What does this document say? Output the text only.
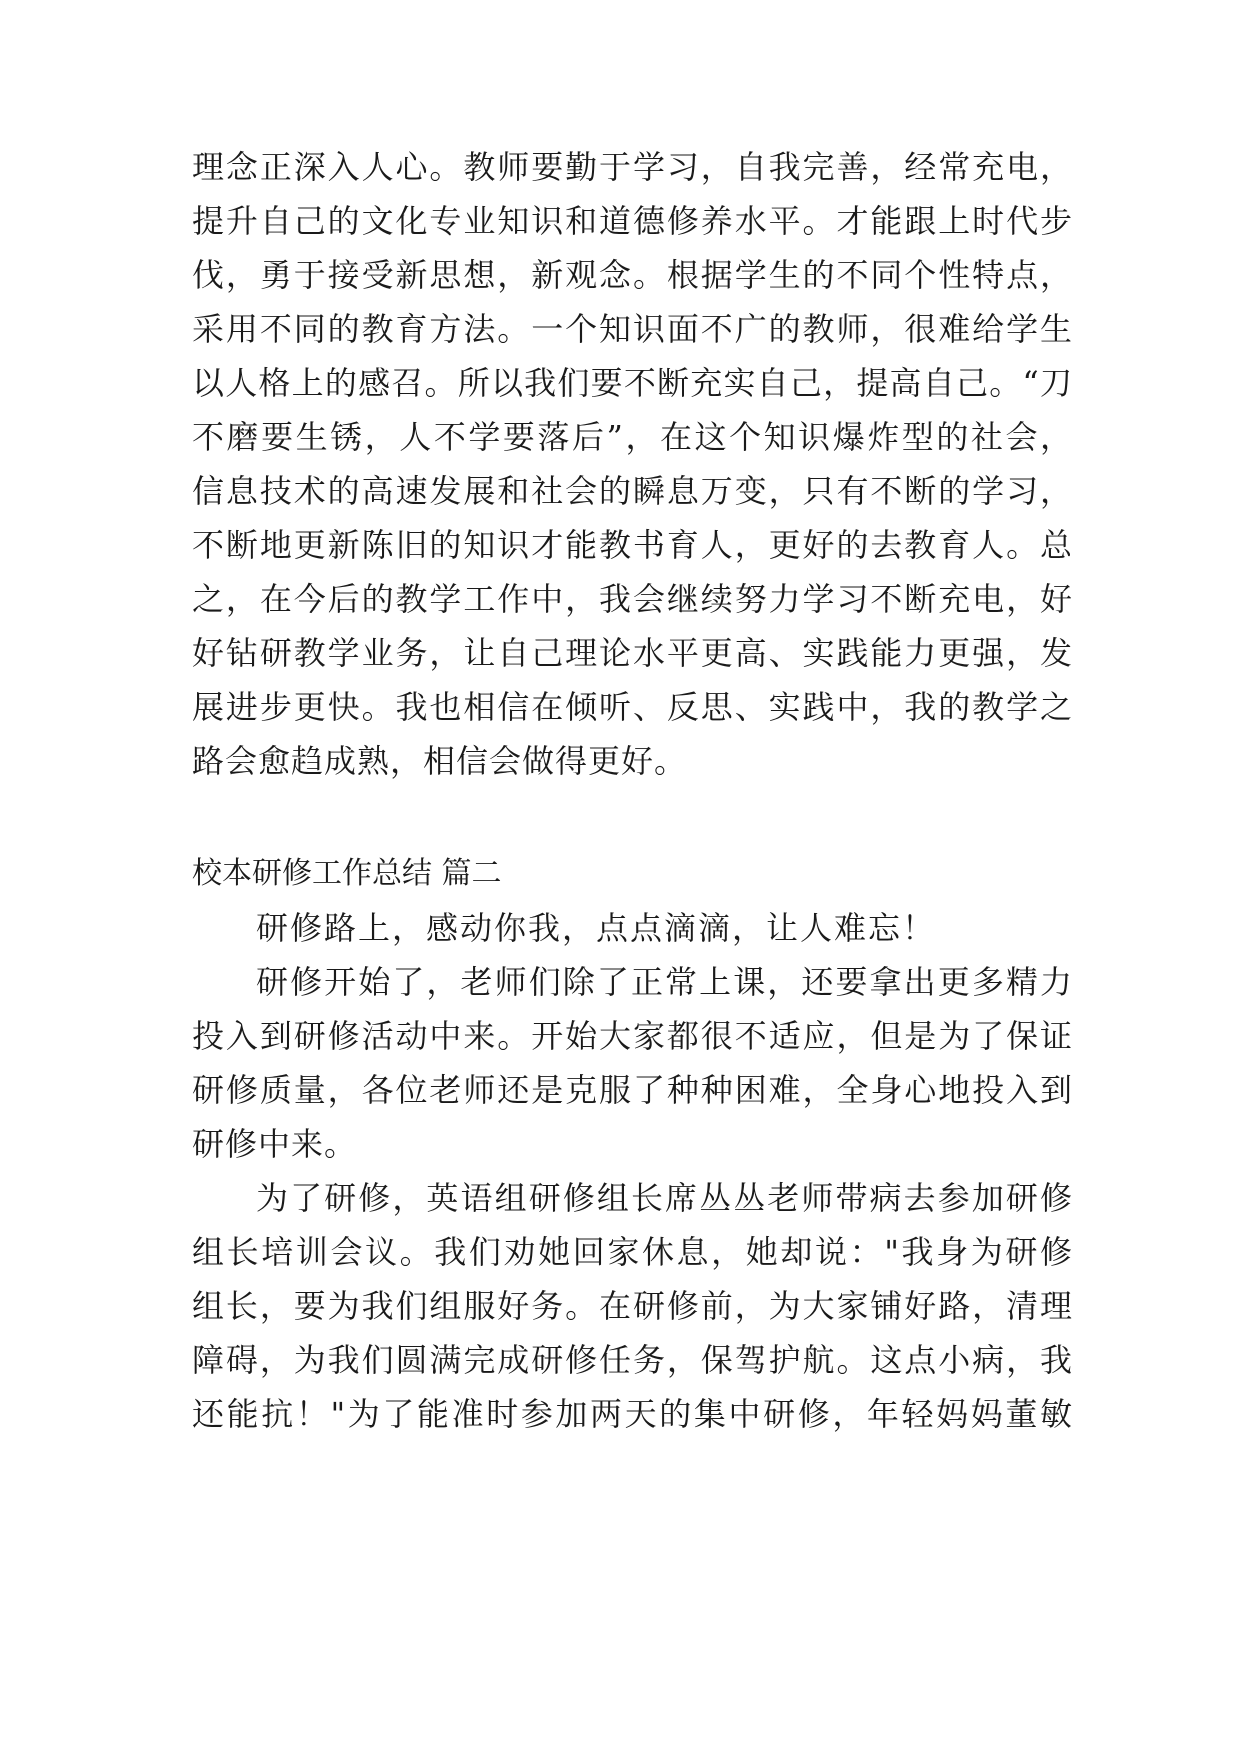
理念正深入人心。教师要勤于学习，自我完善，经常充电，
提升自己的文化专业知识和道德修养水平。才能跟上时代步
伐，勇于接受新思想，新观念。根据学生的不同个性特点，
采用不同的教育方法。一个知识面不广的教师，很难给学生
以人格上的感召。所以我们要不断充实自己，提高自己。“刀
不磨要生锈，人不学要落后”，在这个知识爆炸型的社会，
信息技术的高速发展和社会的瞬息万变，只有不断的学习，
不断地更新陈旧的知识才能教书育人，更好的去教育人。总
之，在今后的教学工作中，我会继续努力学习不断充电，好
好钻研教学业务，让自己理论水平更高、实践能力更强，发
展进步更快。我也相信在倾听、反思、实践中，我的教学之
路会愈趋成熟，相信会做得更好。
校本研修工作总结 篇二
研修路上，感动你我，点点滴滴，让人难忘！
研修开始了，老师们除了正常上课，还要拿出更多精力
投入到研修活动中来。开始大家都很不适应，但是为了保证
研修质量，各位老师还是克服了种种困难，全身心地投入到
研修中来。
为了研修，英语组研修组长席丛丛老师带病去参加研修
组长培训会议。我们劝她回家休息，她却说："我身为研修
组长，要为我们组服好务。在研修前，为大家铺好路，清理
障碍，为我们圆满完成研修任务，保驾护航。这点小病，我
还能抗！"为了能准时参加两天的集中研修，年轻妈妈董敏
